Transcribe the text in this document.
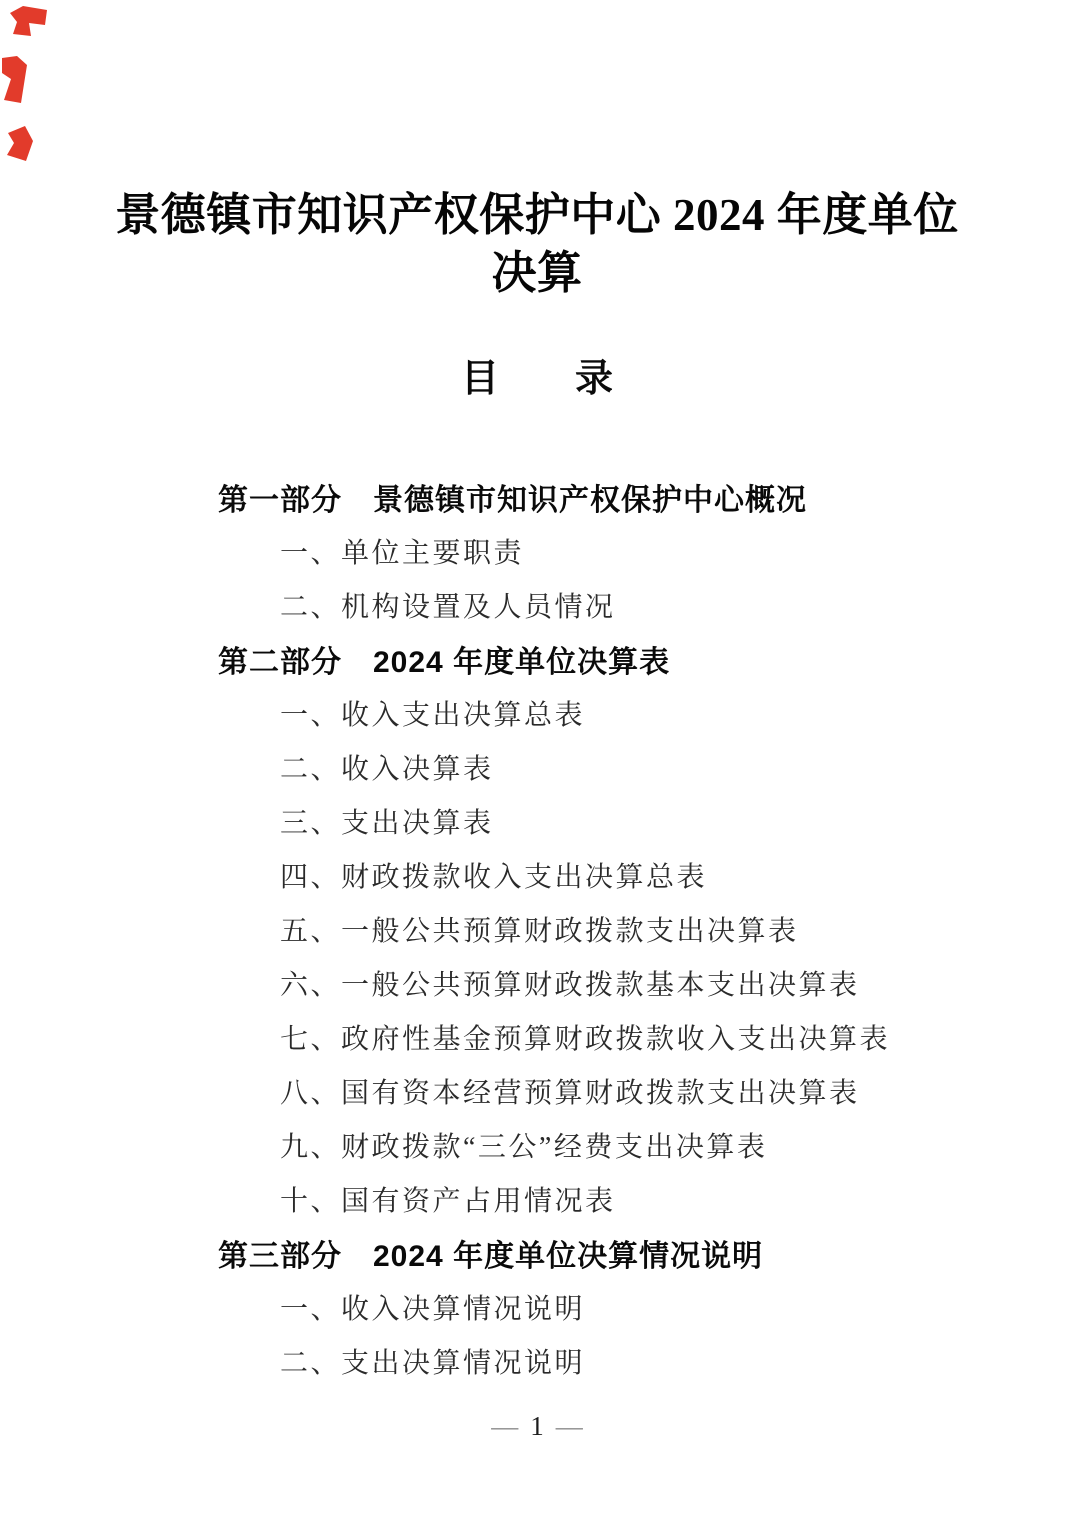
景德镇市知识产权保护中心 2024 年度单位
决算
目　　录
第一部分　景德镇市知识产权保护中心概况
一、单位主要职责
二、机构设置及人员情况
第二部分　2024 年度单位决算表
一、收入支出决算总表
二、收入决算表
三、支出决算表
四、财政拨款收入支出决算总表
五、一般公共预算财政拨款支出决算表
六、一般公共预算财政拨款基本支出决算表
七、政府性基金预算财政拨款收入支出决算表
八、国有资本经营预算财政拨款支出决算表
九、财政拨款“三公”经费支出决算表
十、国有资产占用情况表
第三部分　2024 年度单位决算情况说明
一、收入决算情况说明
二、支出决算情况说明
— 1 —
